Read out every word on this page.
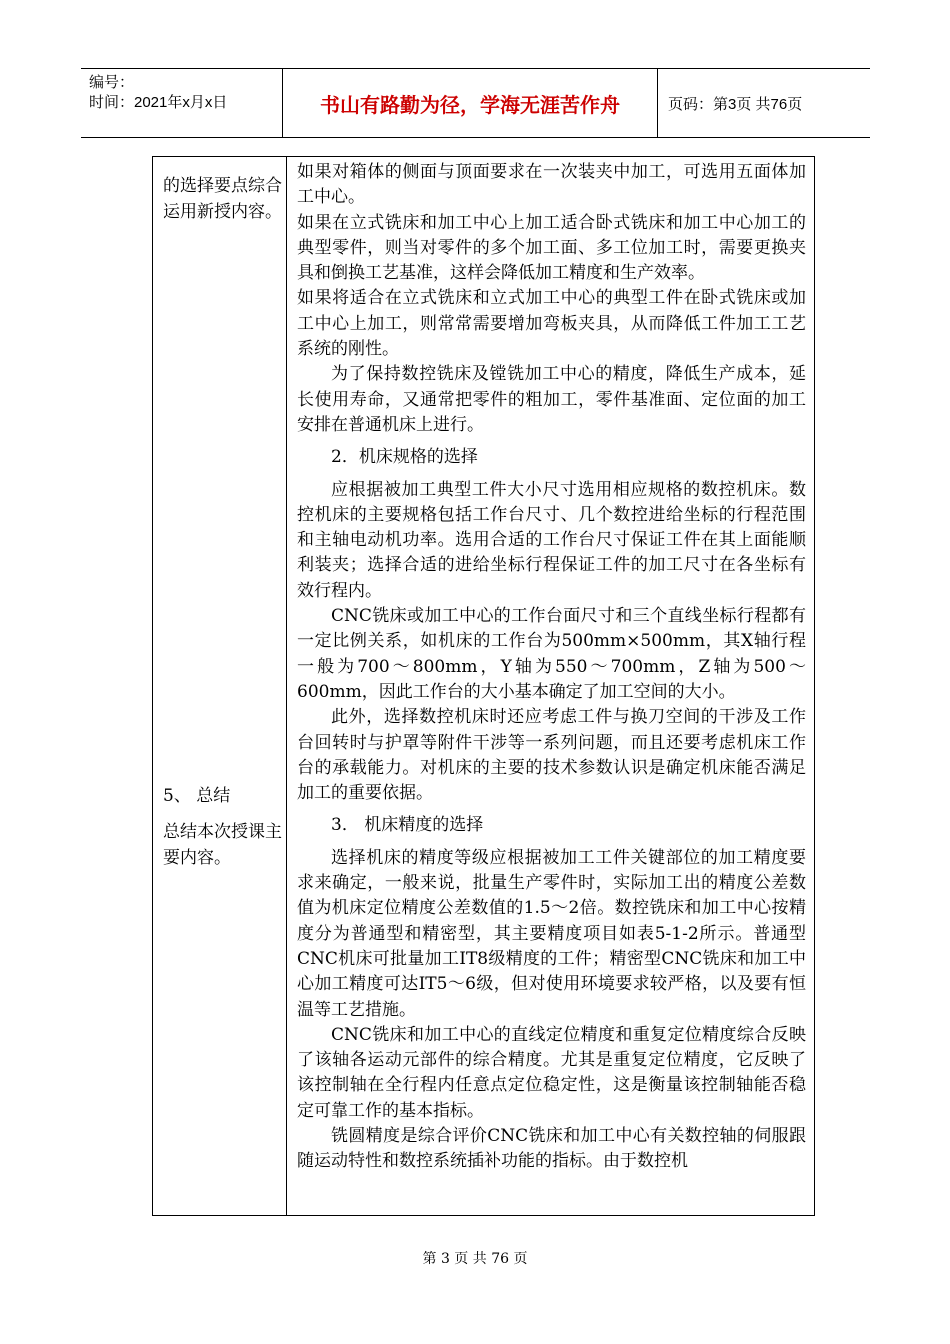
编号：
时间：2021年x月x日	书山有路勤为径，学海无涯苦作舟	页码：第3页 共76页
的选择要点综合运用新授内容。
5、 总结
总结本次授课主要内容。

如果对箱体的侧面与顶面要求在一次装夹中加工，可选用五面体加工中心。

如果在立式铣床和加工中心上加工适合卧式铣床和加工中心加工的典型零件，则当对零件的多个加工面、多工位加工时，需要更换夹具和倒换工艺基准，这样会降低加工精度和生产效率。

如果将适合在立式铣床和立式加工中心的典型工件在卧式铣床或加工中心上加工，则常常需要增加弯板夹具，从而降低工件加工工艺系统的刚性。

为了保持数控铣床及镗铣加工中心的精度，降低生产成本，延长使用寿命，又通常把零件的粗加工，零件基准面、定位面的加工安排在普通机床上进行。

2．机床规格的选择

应根据被加工典型工件大小尺寸选用相应规格的数控机床。数控机床的主要规格包括工作台尺寸、几个数控进给坐标的行程范围和主轴电动机功率。选用合适的工作台尺寸保证工件在其上面能顺利装夹；选择合适的进给坐标行程保证工件的加工尺寸在各坐标有效行程内。

CNC铣床或加工中心的工作台面尺寸和三个直线坐标行程都有一定比例关系，如机床的工作台为500mm×500mm，其X轴行程一般为700～800mm，Y轴为550～700mm，Z轴为500～600mm，因此工作台的大小基本确定了加工空间的大小。

此外，选择数控机床时还应考虑工件与换刀空间的干涉及工作台回转时与护罩等附件干涉等一系列问题，而且还要考虑机床工作台的承载能力。对机床的主要的技术参数认识是确定机床能否满足加工的重要依据。

3． 机床精度的选择

选择机床的精度等级应根据被加工工件关键部位的加工精度要求来确定，一般来说，批量生产零件时，实际加工出的精度公差数值为机床定位精度公差数值的1.5～2倍。数控铣床和加工中心按精度分为普通型和精密型，其主要精度项目如表5-1-2所示。普通型CNC机床可批量加工IT8级精度的工件；精密型CNC铣床和加工中心加工精度可达IT5～6级，但对使用环境要求较严格，以及要有恒温等工艺措施。

CNC铣床和加工中心的直线定位精度和重复定位精度综合反映了该轴各运动元部件的综合精度。尤其是重复定位精度，它反映了该控制轴在全行程内任意点定位稳定性，这是衡量该控制轴能否稳定可靠工作的基本指标。

铣圆精度是综合评价CNC铣床和加工中心有关数控轴的伺服跟随运动特性和数控系统插补功能的指标。由于数控机

第 3 页 共 76 页
